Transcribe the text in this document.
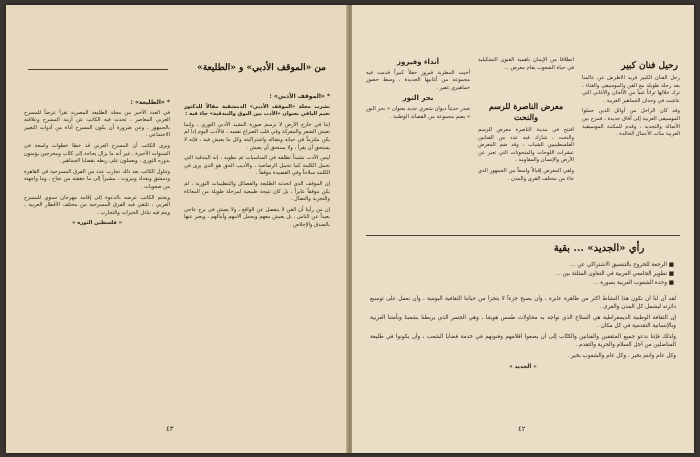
من «الموقف الأدبي» و «الطليعة»
* «الموقف الأدبي» :

نشرت مجلة «الموقف الأدبي» الدمشقية مقالاً للدكتور نعيم اليافي بعنوان «الأدب بين البوق والبندقية» جاء فيه :

إننا في خارج الأرض لا نرسم صورة النشيد الأدبي الثوري ، وإنما نعيش الشعر والمعركة وفي قلب الصراع نفسه ، فالأدب اليوم إذا لم يكن ملتزماً في حياته ونضاله واشتراكيته وكل ما يعيش فيه ، فإنه لا يستحق أن يقرأ ، ولا يستحق أن يعيش .

ليس الأدب نشيداً نطلقه في المناسبات ثم نطويه ، إنه البندقية التي تحمل الكلمة كما تحمل الرصاصة ، والأديب الحق هو الذي يرى في الكلمة سلاحاً وفي القصيدة موقفاً .

إن الموقف الذي اتخذته الطليعة والفصائل والتنظيمات الثورية ، لم يكن موقفاً عابراً ، بل كان نتيجة طبيعية لمرحلة طويلة من المعاناة والتجربة والنضال .

إن من رأينا أن الفن لا ينفصل عن الواقع ، ولا يعيش في برج عاجي بعيداً عن الناس ، بل يعيش معهم ويحمل آلامهم وآمالهم ، ويعبر عنها بالصدق والإخلاص .

* «الطليعة» :

في العدد الأخير من مجلة الطليعة المصرية نقرأ عرضاً للمسرح العربي المعاصر ، تحدث فيه الكاتب عن أزمة المسرح وعلاقته بالجمهور ، وعن ضرورة أن يكون المسرح أداة من أدوات التغيير الاجتماعي .

ويرى الكاتب أن المسرح العربي قد خطا خطوات واسعة في السنوات الأخيرة ، غير أنه ما يزال بحاجة إلى كتّاب ومخرجين يؤمنون بدوره الثوري ، ويعملون على ربطه بقضايا الجماهير .

وتناول الكاتب بعد ذلك تجارب عدد من الفرق المسرحية في القاهرة ودمشق وبغداد وبيروت ، مشيراً إلى ما حققته من نجاح ، وما واجهته من صعوبات .

ويختم الكاتب عرضه بالدعوة إلى إقامة مهرجان سنوي للمسرح العربي ، تلتقي فيه الفرق المسرحية من مختلف الأقطار العربية ، ويتم فيه تبادل الخبرات والتجارب .

« فلسطين الثورة »

٤٣
رحيل فنان كبير

رحل الفنان الكبير فريد الأطرش عن عالمنا بعد رحلة طويلة مع الفن والموسيقى والغناء ، ترك خلالها تراثاً غنياً من الألحان والأغاني التي عاشت في وجدان الجماهير العربية .

وقد كان الراحل من أوائل الذين حملوا الموسيقى العربية إلى آفاق جديدة ، فمزج بين الأصالة والتجديد ، وقدم للمكتبة الموسيقية العربية مئات الأعمال الخالدة .

انطلاقاً من الإيمان بأهمية الفنون التشكيلية في حياة الشعوب يقام معرض ...

معرض الناصرة للرسم والنحت

افتتح في مدينة الناصرة معرض للرسم والنحت ، شارك فيه عدد من الفنانين الفلسطينيين الشباب ، وقد ضم المعرض عشرات اللوحات والمنحوتات التي تعبر عن الأرض والإنسان والمقاومة .

ولقي المعرض إقبالاً واسعاً من الجمهور الذي جاء من مختلف القرى والمدن .

أنداء وفيروز

أحيت المطربة فيروز حفلاً كبيراً قدمت فيه مجموعة من أغانيها الجديدة ، وسط حضور جماهيري غفير .

بحر النور

صدر حديثاً ديوان شعري جديد بعنوان « بحر النور » يضم مجموعة من القصائد الوطنية .

رأي «الجديد» ... بقية
■ الرجعة للخروج بالتنسيق الاشتراكي عن ...
■ تطوير الجامعي العربية في التعاون المثلثة بين ...
■ وحدة الشعوب العربية بصورة ...

لقد آن لنا أن نكون هذا النشاط أكثر من ظاهرة عابرة ، وأن يصبح جزءاً لا يتجزأ من حياتنا الثقافية اليومية ، وأن نعمل على توسيع دائرته ليشمل كل المدن والقرى .

إن الثقافة الوطنية الديمقراطية هي السلاح الذي نواجه به محاولات طمس هويتنا ، وهي الجسر الذي يربطنا بشعبنا وبأمتنا العربية وبالإنسانية التقدمية في كل مكان .

ولذلك فإننا ندعو جميع المثقفين والفنانين والكتّاب إلى أن يضعوا أقلامهم وفنونهم في خدمة قضايا الشعب ، وأن يكونوا في طليعة المناضلين من أجل السلام والحرية والتقدم .

وكل عام وانتم بخير ، وكل عام والشعوب بخير .

« الجديد »

٤٢
